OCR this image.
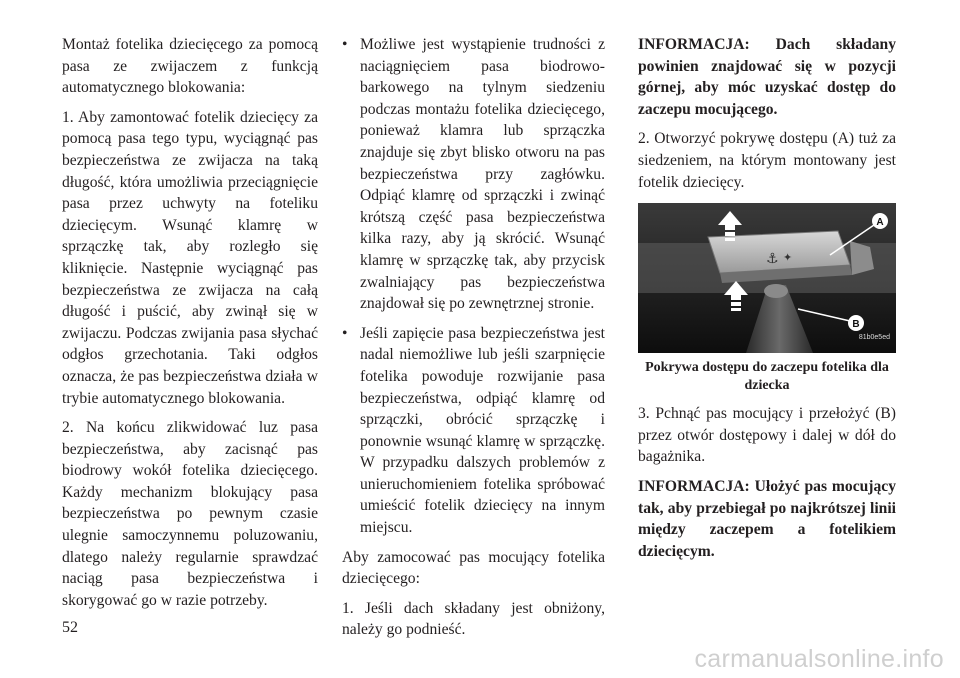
Montaż fotelika dziecięcego za pomocą pasa ze zwijaczem z funkcją automatycznego blokowania:

1. Aby zamontować fotelik dziecięcy za pomocą pasa tego typu, wyciągnąć pas bezpieczeństwa ze zwijacza na taką długość, która umożliwia przeciągnięcie pasa przez uchwyty na foteliku dziecięcym. Wsunąć klamrę w sprzączkę tak, aby rozległo się kliknięcie. Następnie wyciągnąć pas bezpieczeństwa ze zwijacza na całą długość i puścić, aby zwinął się w zwijaczu. Podczas zwijania pasa słychać odgłos grzechotania. Taki odgłos oznacza, że pas bezpieczeństwa działa w trybie automatycznego blokowania.

2. Na końcu zlikwidować luz pasa bezpieczeństwa, aby zacisnąć pas biodrowy wokół fotelika dziecięcego. Każdy mechanizm blokujący pasa bezpieczeństwa po pewnym czasie ulegnie samoczynnemu poluzowaniu, dlatego należy regularnie sprawdzać naciąg pasa bezpieczeństwa i skorygować go w razie potrzeby.

• Możliwe jest wystąpienie trudności z naciągnięciem pasa biodrowo-barkowego na tylnym siedzeniu podczas montażu fotelika dziecięcego, ponieważ klamra lub sprzączka znajduje się zbyt blisko otworu na pas bezpieczeństwa przy zagłówku. Odpiąć klamrę od sprzączki i zwinąć krótszą część pasa bezpieczeństwa kilka razy, aby ją skrócić. Wsunąć klamrę w sprzączkę tak, aby przycisk zwalniający pas bezpieczeństwa znajdował się po zewnętrznej stronie.

• Jeśli zapięcie pasa bezpieczeństwa jest nadal niemożliwe lub jeśli szarpnięcie fotelika powoduje rozwijanie pasa bezpieczeństwa, odpiąć klamrę od sprzączki, obrócić sprzączkę i ponownie wsunąć klamrę w sprzączkę. W przypadku dalszych problemów z unieruchomieniem fotelika spróbować umieścić fotelik dziecięcy na innym miejscu.

Aby zamocować pas mocujący fotelika dziecięcego:

1. Jeśli dach składany jest obniżony, należy go podnieść.

INFORMACJA: Dach składany powinien znajdować się w pozycji górnej, aby móc uzyskać dostęp do zaczepu mocującego.

2. Otworzyć pokrywę dostępu (A) tuż za siedzeniem, na którym montowany jest fotelik dziecięcy.

⚓ ✦
A
B
81b0e5ed

Pokrywa dostępu do zaczepu fotelika dla dziecka

3. Pchnąć pas mocujący i przełożyć (B) przez otwór dostępowy i dalej w dół do bagażnika.

INFORMACJA: Ułożyć pas mocujący tak, aby przebiegał po najkrótszej linii między zaczepem a fotelikiem dziecięcym.

52
carmanualsonline.info
